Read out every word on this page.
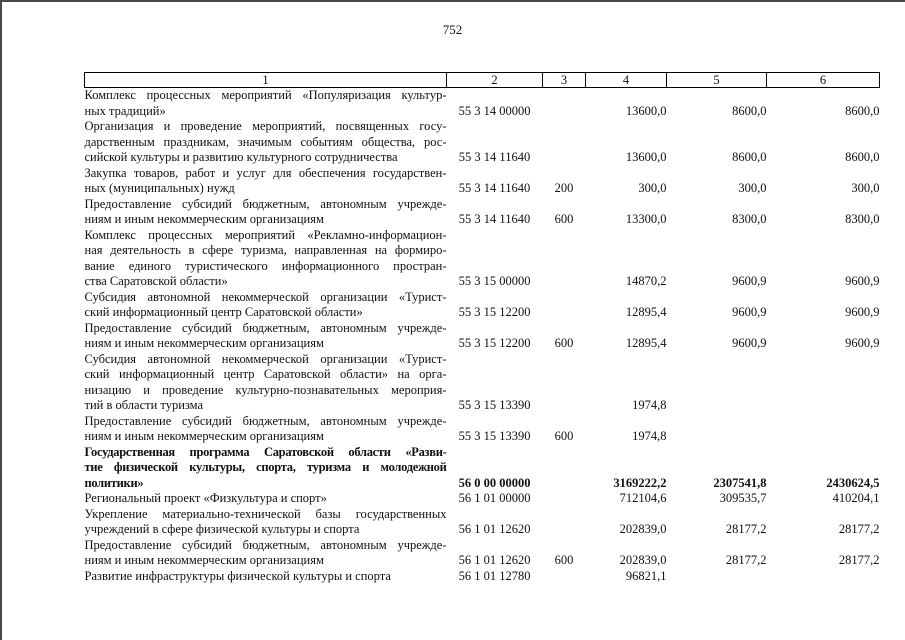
752
1	2	3	4	5	6

Комплекс процессных мероприятий «Популяризация культур-
ных традиций»	55 3 14 00000		13600,0	8600,0	8600,0

Организация и проведение мероприятий, посвященных госу-
дарственным праздникам, значимым событиям общества, рос-
сийской культуры и развитию культурного сотрудничества	55 3 14 11640		13600,0	8600,0	8600,0

Закупка товаров, работ и услуг для обеспечения государствен-
ных (муниципальных) нужд	55 3 14 11640	200	300,0	300,0	300,0

Предоставление субсидий бюджетным, автономным учрежде-
ниям и иным некоммерческим организациям	55 3 14 11640	600	13300,0	8300,0	8300,0

Комплекс процессных мероприятий «Рекламно-информацион-
ная деятельность в сфере туризма, направленная на формиро-
вание единого туристического информационного простран-
ства Саратовской области»	55 3 15 00000		14870,2	9600,9	9600,9

Субсидия автономной некоммерческой организации «Турист-
ский информационный центр Саратовской области»	55 3 15 12200		12895,4	9600,9	9600,9

Предоставление субсидий бюджетным, автономным учрежде-
ниям и иным некоммерческим организациям	55 3 15 12200	600	12895,4	9600,9	9600,9

Субсидия автономной некоммерческой организации «Турист-
ский информационный центр Саратовской области» на орга-
низацию и проведение культурно-познавательных мероприя-
тий в области туризма	55 3 15 13390		1974,8		

Предоставление субсидий бюджетным, автономным учрежде-
ниям и иным некоммерческим организациям	55 3 15 13390	600	1974,8		

Государственная программа Саратовской области «Разви-
тие физической культуры, спорта, туризма и молодежной
политики»	56 0 00 00000		3169222,2	2307541,8	2430624,5

Региональный проект «Физкультура и спорт»	56 1 01 00000		712104,6	309535,7	410204,1

Укрепление материально-технической базы государственных
учреждений в сфере физической культуры и спорта	56 1 01 12620		202839,0	28177,2	28177,2

Предоставление субсидий бюджетным, автономным учрежде-
ниям и иным некоммерческим организациям	56 1 01 12620	600	202839,0	28177,2	28177,2

Развитие инфраструктуры физической культуры и спорта	56 1 01 12780		96821,1		
